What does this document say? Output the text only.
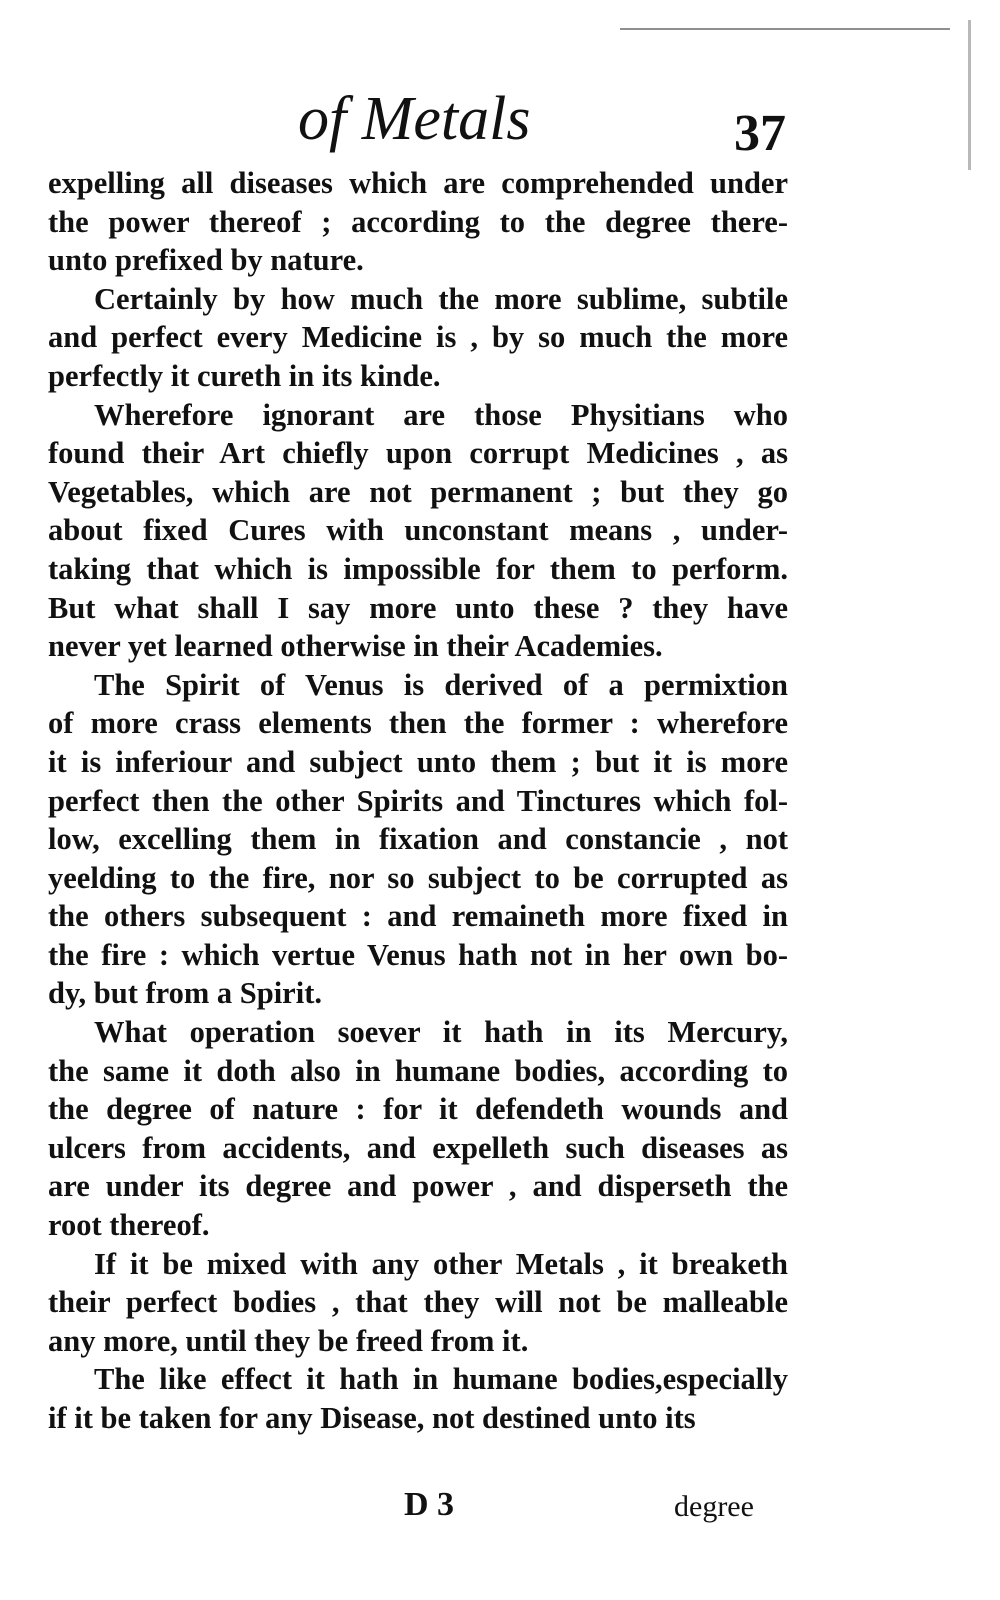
of Metals	37
expelling all diseases which are comprehended under
the power thereof ; according to the degree there-
unto prefixed by nature.
Certainly by how much the more sublime, subtile
and perfect every Medicine is , by so much the more
perfectly it cureth in its kinde.
Wherefore ignorant are those Physitians who
found their Art chiefly upon corrupt Medicines , as
Vegetables, which are not permanent ; but they go
about fixed Cures with unconstant means , under-
taking that which is impossible for them to perform.
But what shall I say more unto these ? they have
never yet learned otherwise in their Academies.
The Spirit of Venus is derived of a permixtion
of more crass elements then the former : wherefore
it is inferiour and subject unto them ; but it is more
perfect then the other Spirits and Tinctures which fol-
low, excelling them in fixation and constancie , not
yeelding to the fire, nor so subject to be corrupted as
the others subsequent : and remaineth more fixed in
the fire : which vertue Venus hath not in her own bo-
dy, but from a Spirit.
What operation soever it hath in its Mercury,
the same it doth also in humane bodies, according to
the degree of nature : for it defendeth wounds and
ulcers from accidents, and expelleth such diseases as
are under its degree and power , and disperseth the
root thereof.
If it be mixed with any other Metals , it breaketh
their perfect bodies , that they will not be malleable
any more, until they be freed from it.
The like effect it hath in humane bodies,especially
if it be taken for any Disease, not destined unto its
D 3	degree
